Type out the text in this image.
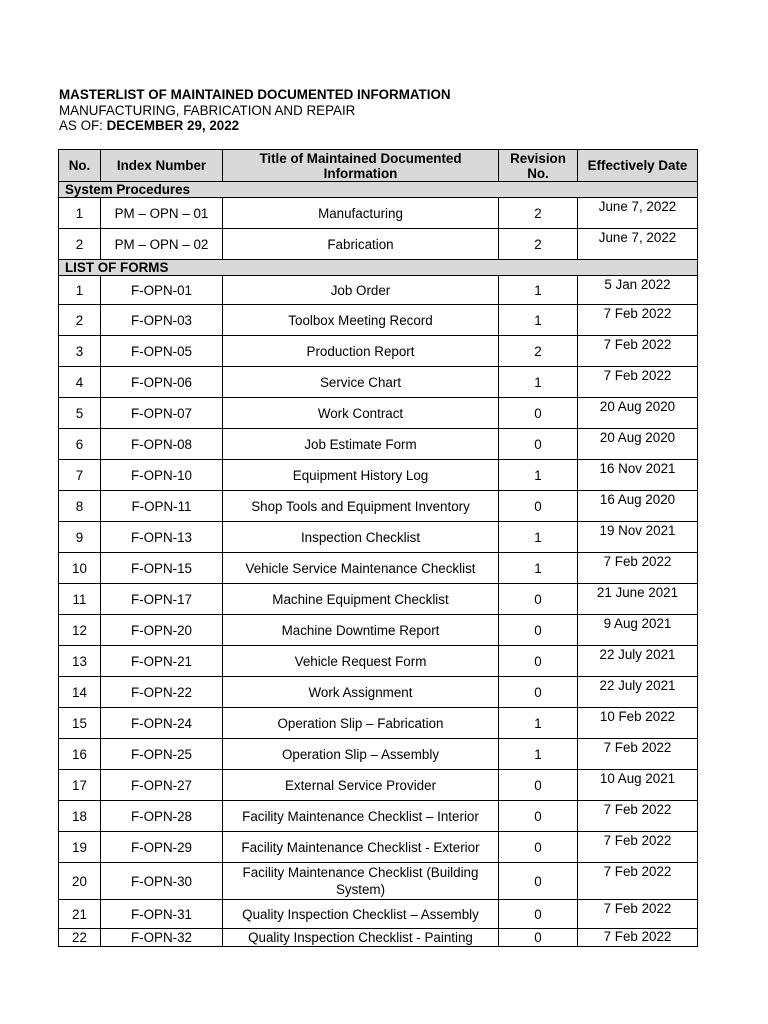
MASTERLIST OF MAINTAINED DOCUMENTED INFORMATION
MANUFACTURING, FABRICATION AND REPAIR
AS OF: DECEMBER 29, 2022
No.	Index Number	Title of Maintained Documented Information	Revision No.	Effectively Date
System Procedures				
1	PM – OPN – 01	Manufacturing	2	June 7, 2022
2	PM – OPN – 02	Fabrication	2	June 7, 2022
LIST OF FORMS				
1	F-OPN-01	Job Order	1	5 Jan 2022
2	F-OPN-03	Toolbox Meeting Record	1	7 Feb 2022
3	F-OPN-05	Production Report	2	7 Feb 2022
4	F-OPN-06	Service Chart	1	7 Feb 2022
5	F-OPN-07	Work Contract	0	20 Aug 2020
6	F-OPN-08	Job Estimate Form	0	20 Aug 2020
7	F-OPN-10	Equipment History Log	1	16 Nov 2021
8	F-OPN-11	Shop Tools and Equipment Inventory	0	16 Aug 2020
9	F-OPN-13	Inspection Checklist	1	19 Nov 2021
10	F-OPN-15	Vehicle Service Maintenance Checklist	1	7 Feb 2022
11	F-OPN-17	Machine Equipment Checklist	0	21 June 2021
12	F-OPN-20	Machine Downtime Report	0	9 Aug 2021
13	F-OPN-21	Vehicle Request Form	0	22 July 2021
14	F-OPN-22	Work Assignment	0	22 July 2021
15	F-OPN-24	Operation Slip – Fabrication	1	10 Feb 2022
16	F-OPN-25	Operation Slip – Assembly	1	7 Feb 2022
17	F-OPN-27	External Service Provider	0	10 Aug 2021
18	F-OPN-28	Facility Maintenance Checklist – Interior	0	7 Feb 2022
19	F-OPN-29	Facility Maintenance Checklist - Exterior	0	7 Feb 2022
20	F-OPN-30	Facility Maintenance Checklist (Building System)	0	7 Feb 2022
21	F-OPN-31	Quality Inspection Checklist – Assembly	0	7 Feb 2022
22	F-OPN-32	Quality Inspection Checklist - Painting	0	7 Feb 2022
